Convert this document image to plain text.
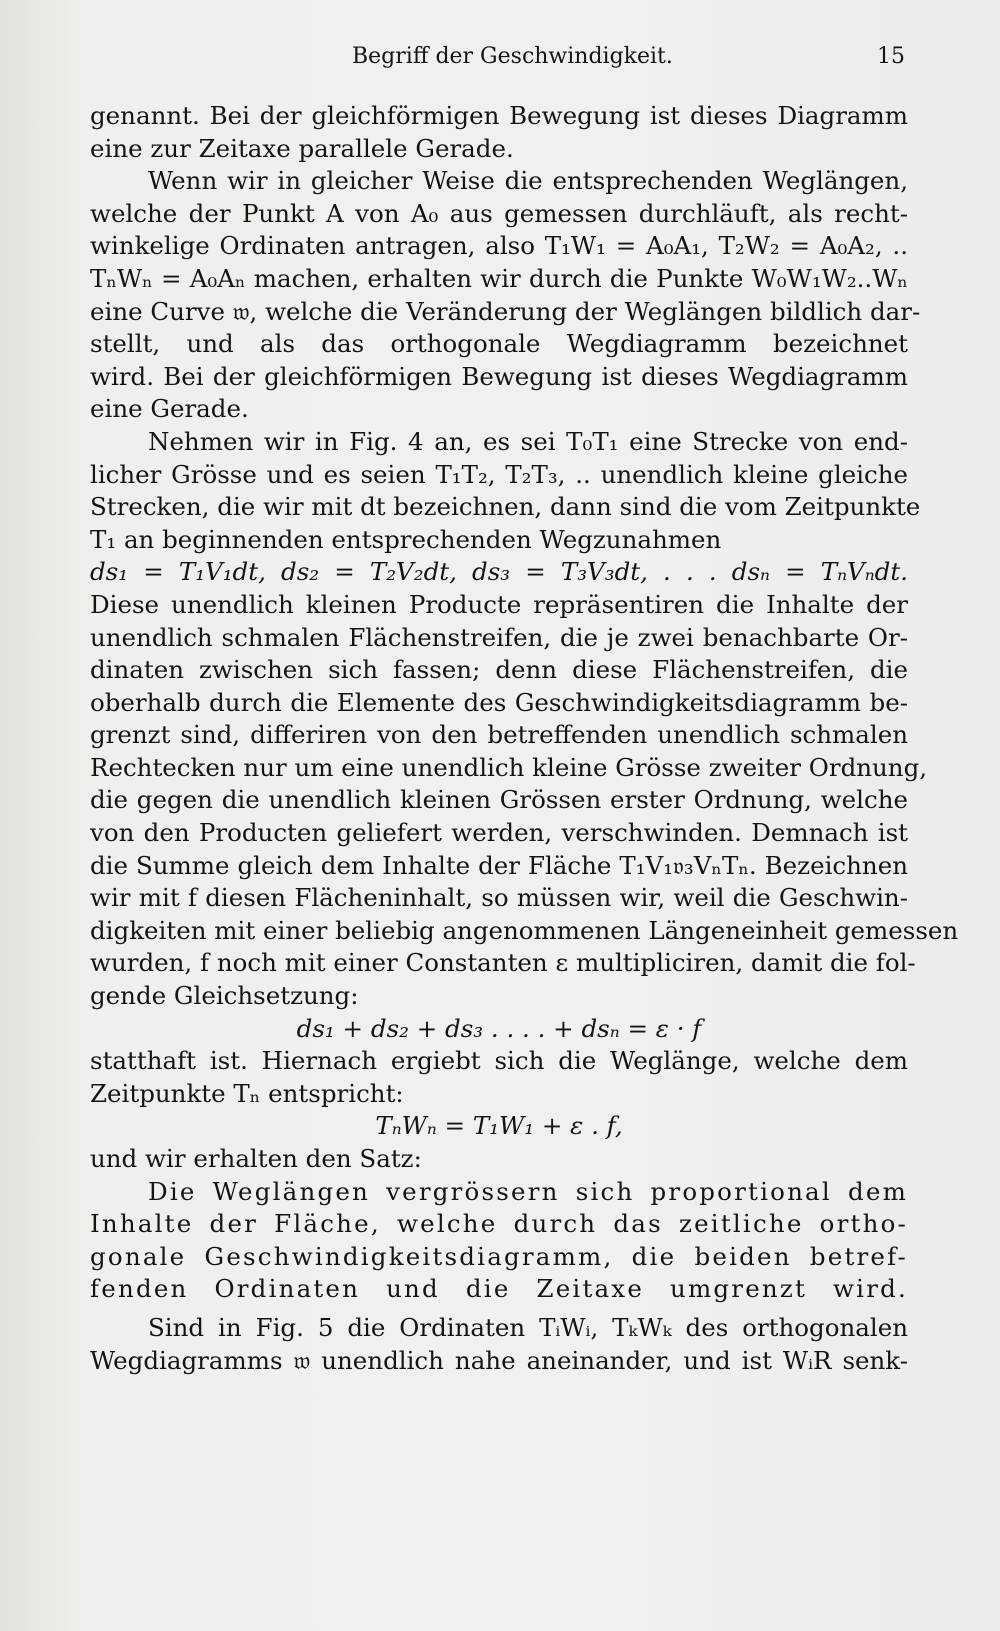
Begriff der Geschwindigkeit.	15
genannt. Bei der gleichförmigen Bewegung ist dieses Diagramm
eine zur Zeitaxe parallele Gerade.
Wenn wir in gleicher Weise die entsprechenden Weglängen,
welche der Punkt A von A₀ aus gemessen durchläuft, als recht-
winkelige Ordinaten antragen, also T₁W₁ = A₀A₁, T₂W₂ = A₀A₂, ..
TₙWₙ = A₀Aₙ machen, erhalten wir durch die Punkte W₀W₁W₂..Wₙ
eine Curve 𝔴, welche die Veränderung der Weglängen bildlich dar-
stellt, und als das orthogonale Wegdiagramm bezeichnet
wird. Bei der gleichförmigen Bewegung ist dieses Wegdiagramm
eine Gerade.
Nehmen wir in Fig. 4 an, es sei T₀T₁ eine Strecke von end-
licher Grösse und es seien T₁T₂, T₂T₃, .. unendlich kleine gleiche
Strecken, die wir mit dt bezeichnen, dann sind die vom Zeitpunkte
T₁ an beginnenden entsprechenden Wegzunahmen
ds₁ = T₁V₁dt, ds₂ = T₂V₂dt, ds₃ = T₃V₃dt, . . . dsₙ = TₙVₙdt.
Diese unendlich kleinen Producte repräsentiren die Inhalte der
unendlich schmalen Flächenstreifen, die je zwei benachbarte Or-
dinaten zwischen sich fassen; denn diese Flächenstreifen, die
oberhalb durch die Elemente des Geschwindigkeitsdiagramm be-
grenzt sind, differiren von den betreffenden unendlich schmalen
Rechtecken nur um eine unendlich kleine Grösse zweiter Ordnung,
die gegen die unendlich kleinen Grössen erster Ordnung, welche
von den Producten geliefert werden, verschwinden. Demnach ist
die Summe gleich dem Inhalte der Fläche T₁V₁𝔳₃VₙTₙ. Bezeichnen
wir mit f diesen Flächeninhalt, so müssen wir, weil die Geschwin-
digkeiten mit einer beliebig angenommenen Längeneinheit gemessen
wurden, f noch mit einer Constanten ε multipliciren, damit die fol-
gende Gleichsetzung:
ds₁ + ds₂ + ds₃ . . . . + dsₙ = ε · f
statthaft ist. Hiernach ergiebt sich die Weglänge, welche dem
Zeitpunkte Tₙ entspricht:
TₙWₙ = T₁W₁ + ε . f,
und wir erhalten den Satz:
Die Weglängen vergrössern sich proportional dem
Inhalte der Fläche, welche durch das zeitliche ortho-
gonale Geschwindigkeitsdiagramm, die beiden betref-
fenden Ordinaten und die Zeitaxe umgrenzt wird.
Sind in Fig. 5 die Ordinaten TᵢWᵢ, TₖWₖ des orthogonalen
Wegdiagramms 𝔴 unendlich nahe aneinander, und ist WᵢR senk-
